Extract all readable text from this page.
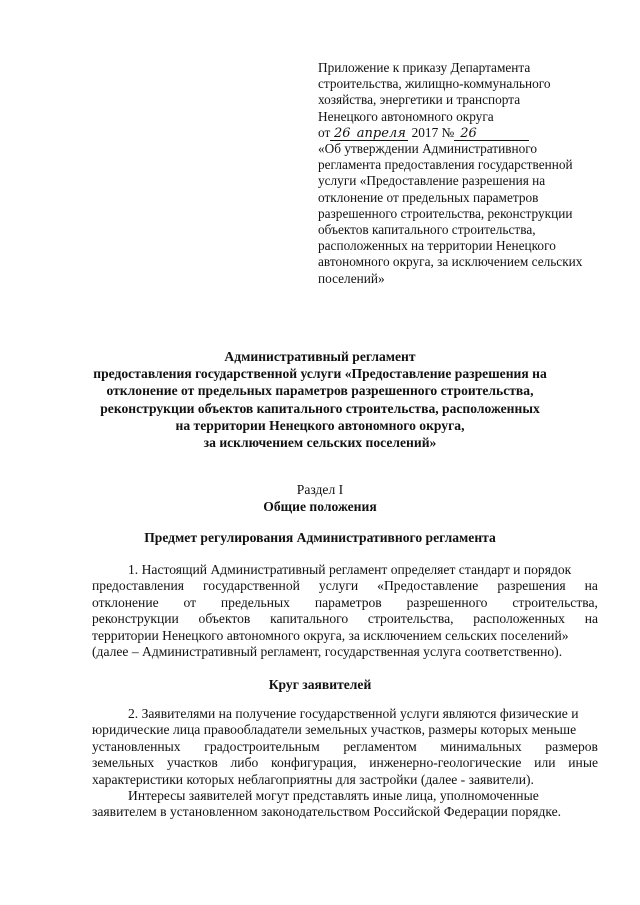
Приложение к приказу Департамента
строительства, жилищно-коммунального
хозяйства, энергетики и транспорта
Ненецкого автономного округа
от 26 апреля 2017 № 26
«Об утверждении Административного
регламента предоставления государственной
услуги «Предоставление разрешения на
отклонение от предельных параметров
разрешенного строительства, реконструкции
объектов капитального строительства,
расположенных на территории Ненецкого
автономного округа, за исключением сельских
поселений»
Административный регламент
предоставления государственной услуги «Предоставление разрешения на
отклонение от предельных параметров разрешенного строительства,
реконструкции объектов капитального строительства, расположенных
на территории Ненецкого автономного округа,
за исключением сельских поселений»
Раздел I
Общие положения
Предмет регулирования Административного регламента
1. Настоящий Административный регламент определяет стандарт и порядок
предоставления государственной услуги «Предоставление разрешения на
отклонение от предельных параметров разрешенного строительства,
реконструкции объектов капитального строительства, расположенных на
территории Ненецкого автономного округа, за исключением сельских поселений»
(далее – Административный регламент, государственная услуга соответственно).
Круг заявителей
2. Заявителями на получение государственной услуги являются физические и
юридические лица правообладатели земельных участков, размеры которых меньше
установленных градостроительным регламентом минимальных размеров
земельных участков либо конфигурация, инженерно-геологические или иные
характеристики которых неблагоприятны для застройки (далее - заявители).
Интересы заявителей могут представлять иные лица, уполномоченные
заявителем в установленном законодательством Российской Федерации порядке.
